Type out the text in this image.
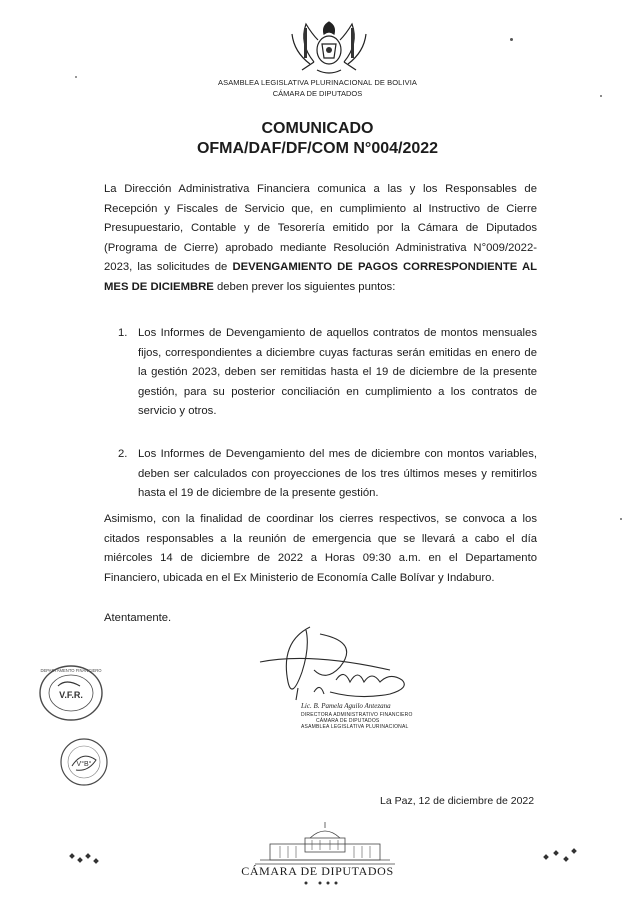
ASAMBLEA LEGISLATIVA PLURINACIONAL DE BOLIVIA
CÁMARA DE DIPUTADOS
COMUNICADO
OFMA/DAF/DF/COM N°004/2022
La Dirección Administrativa Financiera comunica a las y los Responsables de Recepción y Fiscales de Servicio que, en cumplimiento al Instructivo de Cierre Presupuestario, Contable y de Tesorería emitido por la Cámara de Diputados (Programa de Cierre) aprobado mediante Resolución Administrativa N°009/2022-2023, las solicitudes de DEVENGAMIENTO DE PAGOS CORRESPONDIENTE AL MES DE DICIEMBRE deben prever los siguientes puntos:
1. Los Informes de Devengamiento de aquellos contratos de montos mensuales fijos, correspondientes a diciembre cuyas facturas serán emitidas en enero de la gestión 2023, deben ser remitidas hasta el 19 de diciembre de la presente gestión, para su posterior conciliación en cumplimiento a los contratos de servicio y otros.
2. Los Informes de Devengamiento del mes de diciembre con montos variables, deben ser calculados con proyecciones de los tres últimos meses y remitirlos hasta el 19 de diciembre de la presente gestión.
Asimismo, con la finalidad de coordinar los cierres respectivos, se convoca a los citados responsables a la reunión de emergencia que se llevará a cabo el día miércoles 14 de diciembre de 2022 a Horas 09:30 a.m. en el Departamento Financiero, ubicada en el Ex Ministerio de Economía Calle Bolívar y Indaburo.
Atentamente.
Lic. B. Pamela Aguilo Antezana
DIRECTORA ADMINISTRATIVO FINANCIERO
CÁMARA DE DIPUTADOS
ASAMBLEA LEGISLATIVA PLURINACIONAL
V.F.R.
DEPARTAMENTO FINANCIERO
V°B°
La Paz, 12 de diciembre de 2022
CÁMARA DE DIPUTADOS
